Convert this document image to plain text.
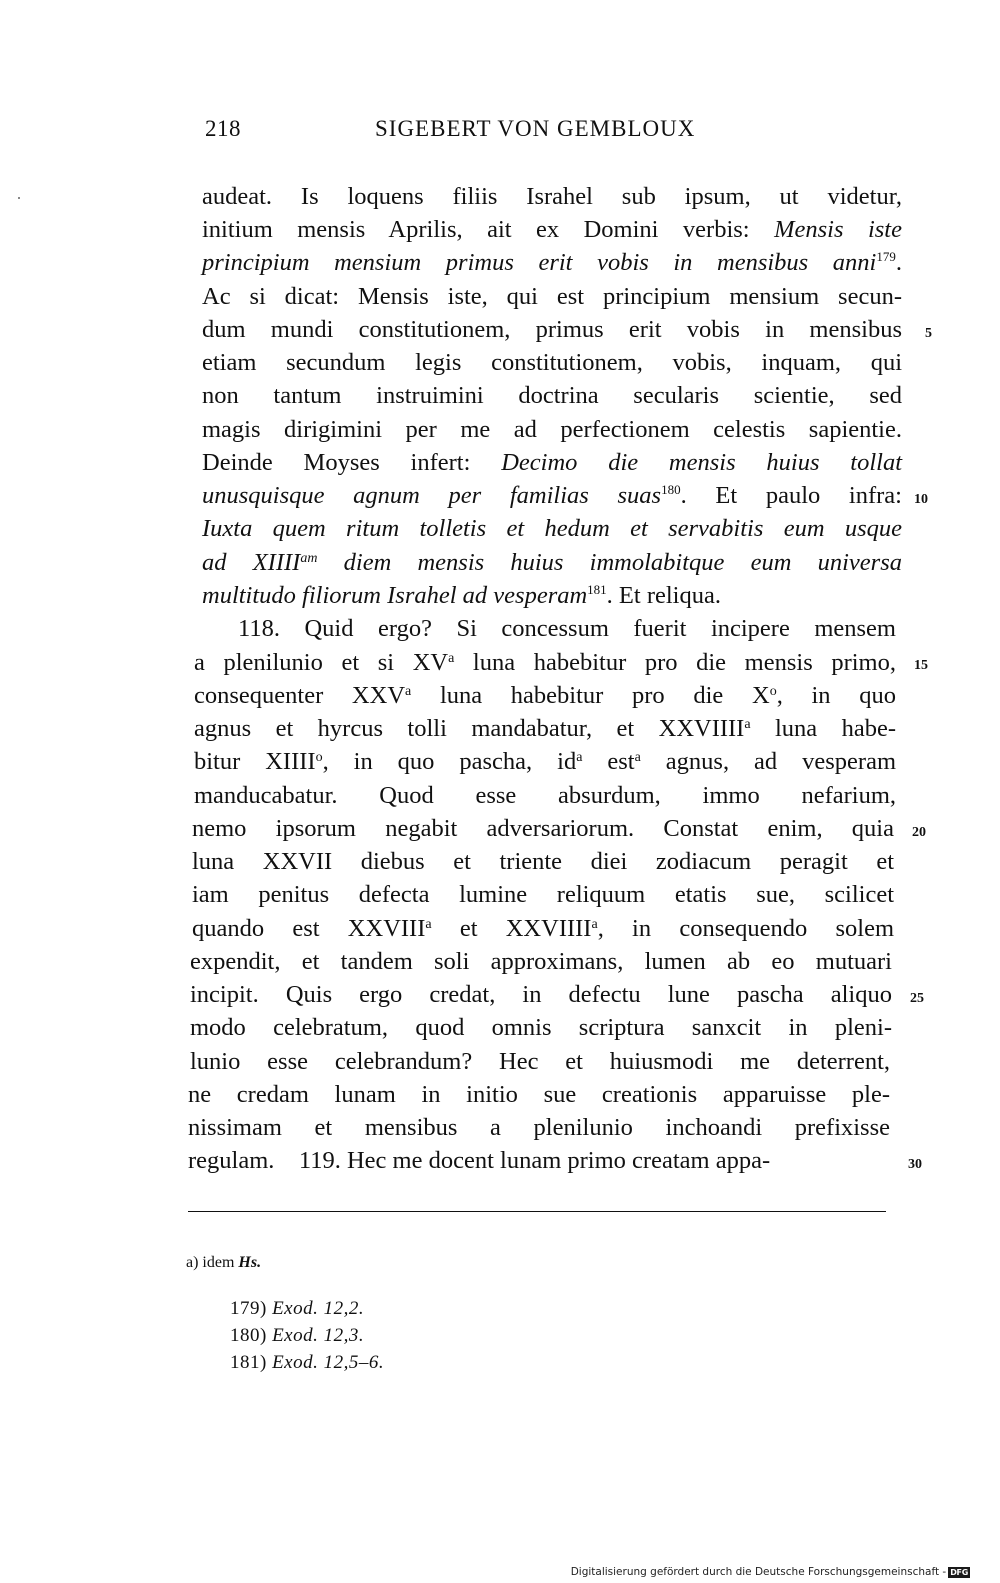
218	SIGEBERT VON GEMBLOUX
audeat. Is loquens filiis Israhel sub ipsum, ut videtur,
initium mensis Aprilis, ait ex Domini verbis: Mensis iste
principium mensium primus erit vobis in mensibus anni$^{179}$.
Ac si dicat: Mensis iste, qui est principium mensium secun-
dum mundi constitutionem, primus erit vobis in mensibus
etiam secundum legis constitutionem, vobis, inquam, qui
non tantum instruimini doctrina secularis scientie, sed
magis dirigimini per me ad perfectionem celestis sapientie.
Deinde Moyses infert: Decimo die mensis huius tollat
unusquisque agnum per familias suas$^{180}$. Et paulo infra:
Iuxta quem ritum tolletis et hedum et servabitis eum usque
ad $XIIII^{am}$ diem mensis huius immolabitque eum universa
multitudo filiorum Israhel ad vesperam$^{181}$. Et reliqua.
118. Quid ergo? Si concessum fuerit incipere mensem
a plenilunio et si $XV^a$ luna habebitur pro die mensis primo,
consequenter XXV$^a$ luna habebitur pro die $X^o$, in quo
agnus et hyrcus tolli mandabatur, et XXVIIII$^a$ luna habe-
bitur XIIII$^o$, in quo pascha, $id^a$ est$^a$ agnus, ad vesperam
manducabatur. Quod esse absurdum, immo nefarium,
nemo ipsorum negabit adversariorum. Constat enim, quia
luna XXVII diebus et triente diei zodiacum peragit et
iam penitus defecta lumine reliquum etatis sue, scilicet
quando est XXVIII$^a$ et XXVIIII$^a$, in consequendo solem
expendit, et tandem soli approximans, lumen ab eo mutuari
incipit. Quis ergo credat, in defectu lune pascha aliquo
modo celebratum, quod omnis scriptura sanxcit in pleni-
lunio esse celebrandum? Hec et huiusmodi me deterrent,
ne credam lunam in initio sue creationis apparuisse ple-
nissimam et mensibus a plenilunio inchoandi prefixisse
regulam.    119. Hec me docent lunam primo creatam appa-
5
10
15
20
25
30
a) idem Hs.
179) Exod. 12,2.
180) Exod. 12,3.
181) Exod. 12,5–6.
Digitalisierung gefördert durch die Deutsche Forschungsgemeinschaft - DFG
